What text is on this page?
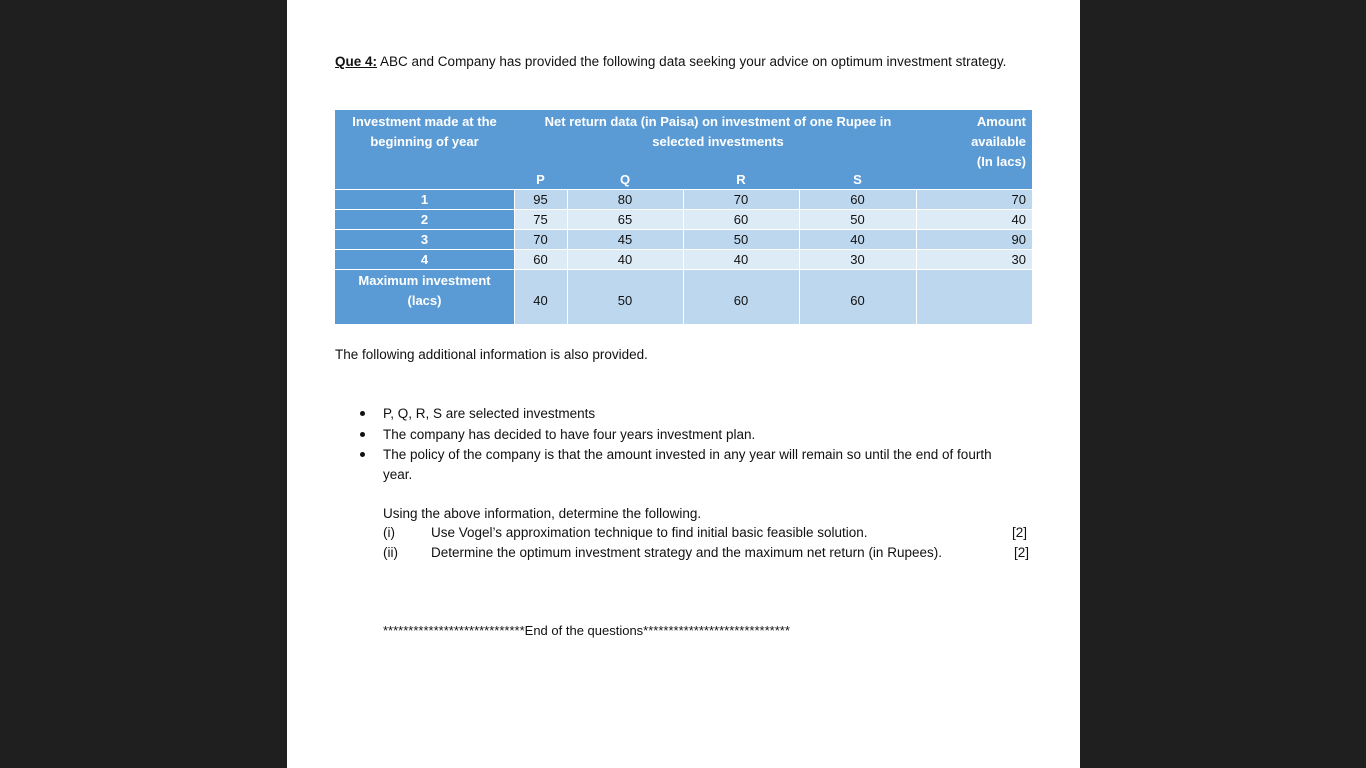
Que 4: ABC and Company has provided the following data seeking your advice on optimum investment strategy.
Investment made at the beginning of year
Net return data (in Paisa) on investment of one Rupee in selected investments
Amount available (In lacs)
P	Q	R	S
1	95	80	70	60	70
2	75	65	60	50	40
3	70	45	50	40	90
4	60	40	40	30	30
Maximum investment (lacs)	40	50	60	60
The following additional information is also provided.
P, Q, R, S are selected investments
The company has decided to have four years investment plan.
The policy of the company is that the amount invested in any year will remain so until the end of fourth year.
Using the above information, determine the following.
(i)	Use Vogel’s approximation technique to find initial basic feasible solution.	[2]
(ii) Determine the optimum investment strategy and the maximum net return (in Rupees).	[2]
****************************End of the questions*****************************
